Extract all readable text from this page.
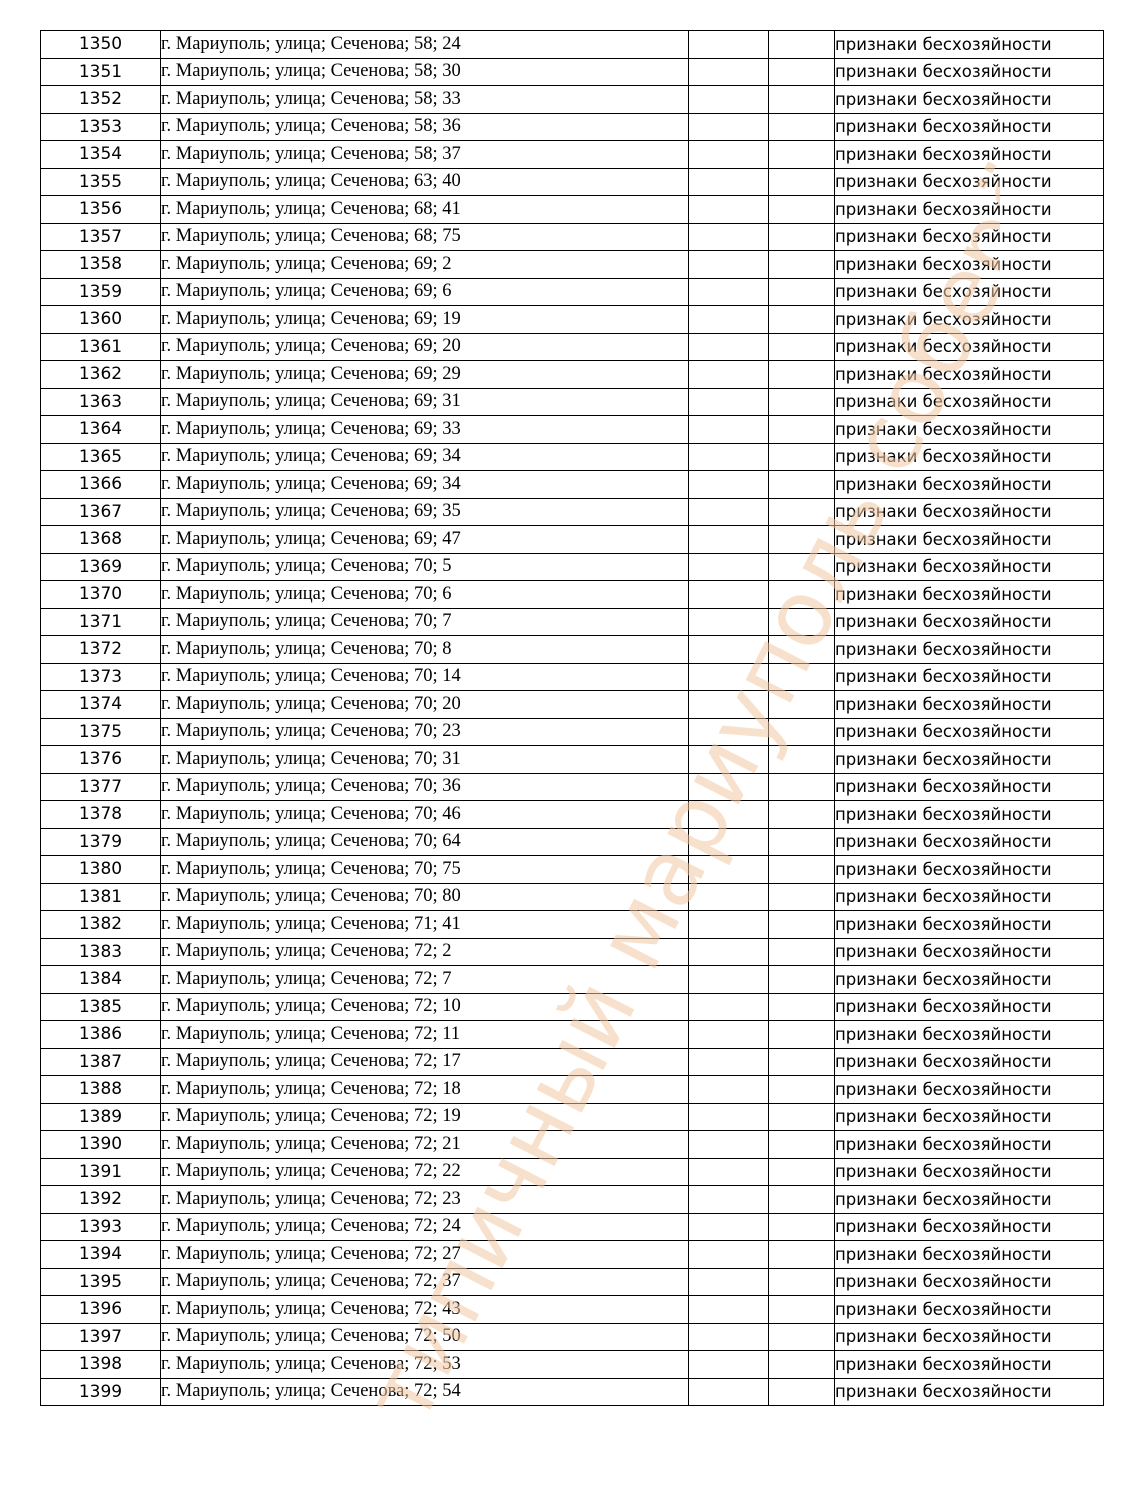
1350	г. Мариуполь; улица; Сеченова; 58; 24			признаки бесхозяйности
1351	г. Мариуполь; улица; Сеченова; 58; 30			признаки бесхозяйности
1352	г. Мариуполь; улица; Сеченова; 58; 33			признаки бесхозяйности
1353	г. Мариуполь; улица; Сеченова; 58; 36			признаки бесхозяйности
1354	г. Мариуполь; улица; Сеченова; 58; 37			признаки бесхозяйности
1355	г. Мариуполь; улица; Сеченова; 63; 40			признаки бесхозяйности
1356	г. Мариуполь; улица; Сеченова; 68; 41			признаки бесхозяйности
1357	г. Мариуполь; улица; Сеченова; 68; 75			признаки бесхозяйности
1358	г. Мариуполь; улица; Сеченова; 69; 2			признаки бесхозяйности
1359	г. Мариуполь; улица; Сеченова; 69; 6			признаки бесхозяйности
1360	г. Мариуполь; улица; Сеченова; 69; 19			признаки бесхозяйности
1361	г. Мариуполь; улица; Сеченова; 69; 20			признаки бесхозяйности
1362	г. Мариуполь; улица; Сеченова; 69; 29			признаки бесхозяйности
1363	г. Мариуполь; улица; Сеченова; 69; 31			признаки бесхозяйности
1364	г. Мариуполь; улица; Сеченова; 69; 33			признаки бесхозяйности
1365	г. Мариуполь; улица; Сеченова; 69; 34			признаки бесхозяйности
1366	г. Мариуполь; улица; Сеченова; 69; 34			признаки бесхозяйности
1367	г. Мариуполь; улица; Сеченова; 69; 35			признаки бесхозяйности
1368	г. Мариуполь; улица; Сеченова; 69; 47			признаки бесхозяйности
1369	г. Мариуполь; улица; Сеченова; 70; 5			признаки бесхозяйности
1370	г. Мариуполь; улица; Сеченова; 70; 6			признаки бесхозяйности
1371	г. Мариуполь; улица; Сеченова; 70; 7			признаки бесхозяйности
1372	г. Мариуполь; улица; Сеченова; 70; 8			признаки бесхозяйности
1373	г. Мариуполь; улица; Сеченова; 70; 14			признаки бесхозяйности
1374	г. Мариуполь; улица; Сеченова; 70; 20			признаки бесхозяйности
1375	г. Мариуполь; улица; Сеченова; 70; 23			признаки бесхозяйности
1376	г. Мариуполь; улица; Сеченова; 70; 31			признаки бесхозяйности
1377	г. Мариуполь; улица; Сеченова; 70; 36			признаки бесхозяйности
1378	г. Мариуполь; улица; Сеченова; 70; 46			признаки бесхозяйности
1379	г. Мариуполь; улица; Сеченова; 70; 64			признаки бесхозяйности
1380	г. Мариуполь; улица; Сеченова; 70; 75			признаки бесхозяйности
1381	г. Мариуполь; улица; Сеченова; 70; 80			признаки бесхозяйности
1382	г. Мариуполь; улица; Сеченова; 71; 41			признаки бесхозяйности
1383	г. Мариуполь; улица; Сеченова; 72; 2			признаки бесхозяйности
1384	г. Мариуполь; улица; Сеченова; 72; 7			признаки бесхозяйности
1385	г. Мариуполь; улица; Сеченова; 72; 10			признаки бесхозяйности
1386	г. Мариуполь; улица; Сеченова; 72; 11			признаки бесхозяйности
1387	г. Мариуполь; улица; Сеченова; 72; 17			признаки бесхозяйности
1388	г. Мариуполь; улица; Сеченова; 72; 18			признаки бесхозяйности
1389	г. Мариуполь; улица; Сеченова; 72; 19			признаки бесхозяйности
1390	г. Мариуполь; улица; Сеченова; 72; 21			признаки бесхозяйности
1391	г. Мариуполь; улица; Сеченова; 72; 22			признаки бесхозяйности
1392	г. Мариуполь; улица; Сеченова; 72; 23			признаки бесхозяйности
1393	г. Мариуполь; улица; Сеченова; 72; 24			признаки бесхозяйности
1394	г. Мариуполь; улица; Сеченова; 72; 27			признаки бесхозяйности
1395	г. Мариуполь; улица; Сеченова; 72; 37			признаки бесхозяйности
1396	г. Мариуполь; улица; Сеченова; 72; 43			признаки бесхозяйности
1397	г. Мариуполь; улица; Сеченова; 72; 50			признаки бесхозяйности
1398	г. Мариуполь; улица; Сеченова; 72; 53			признаки бесхозяйности
1399	г. Мариуполь; улица; Сеченова; 72; 54			признаки бесхозяйности
типичный мариуполь соберёт
